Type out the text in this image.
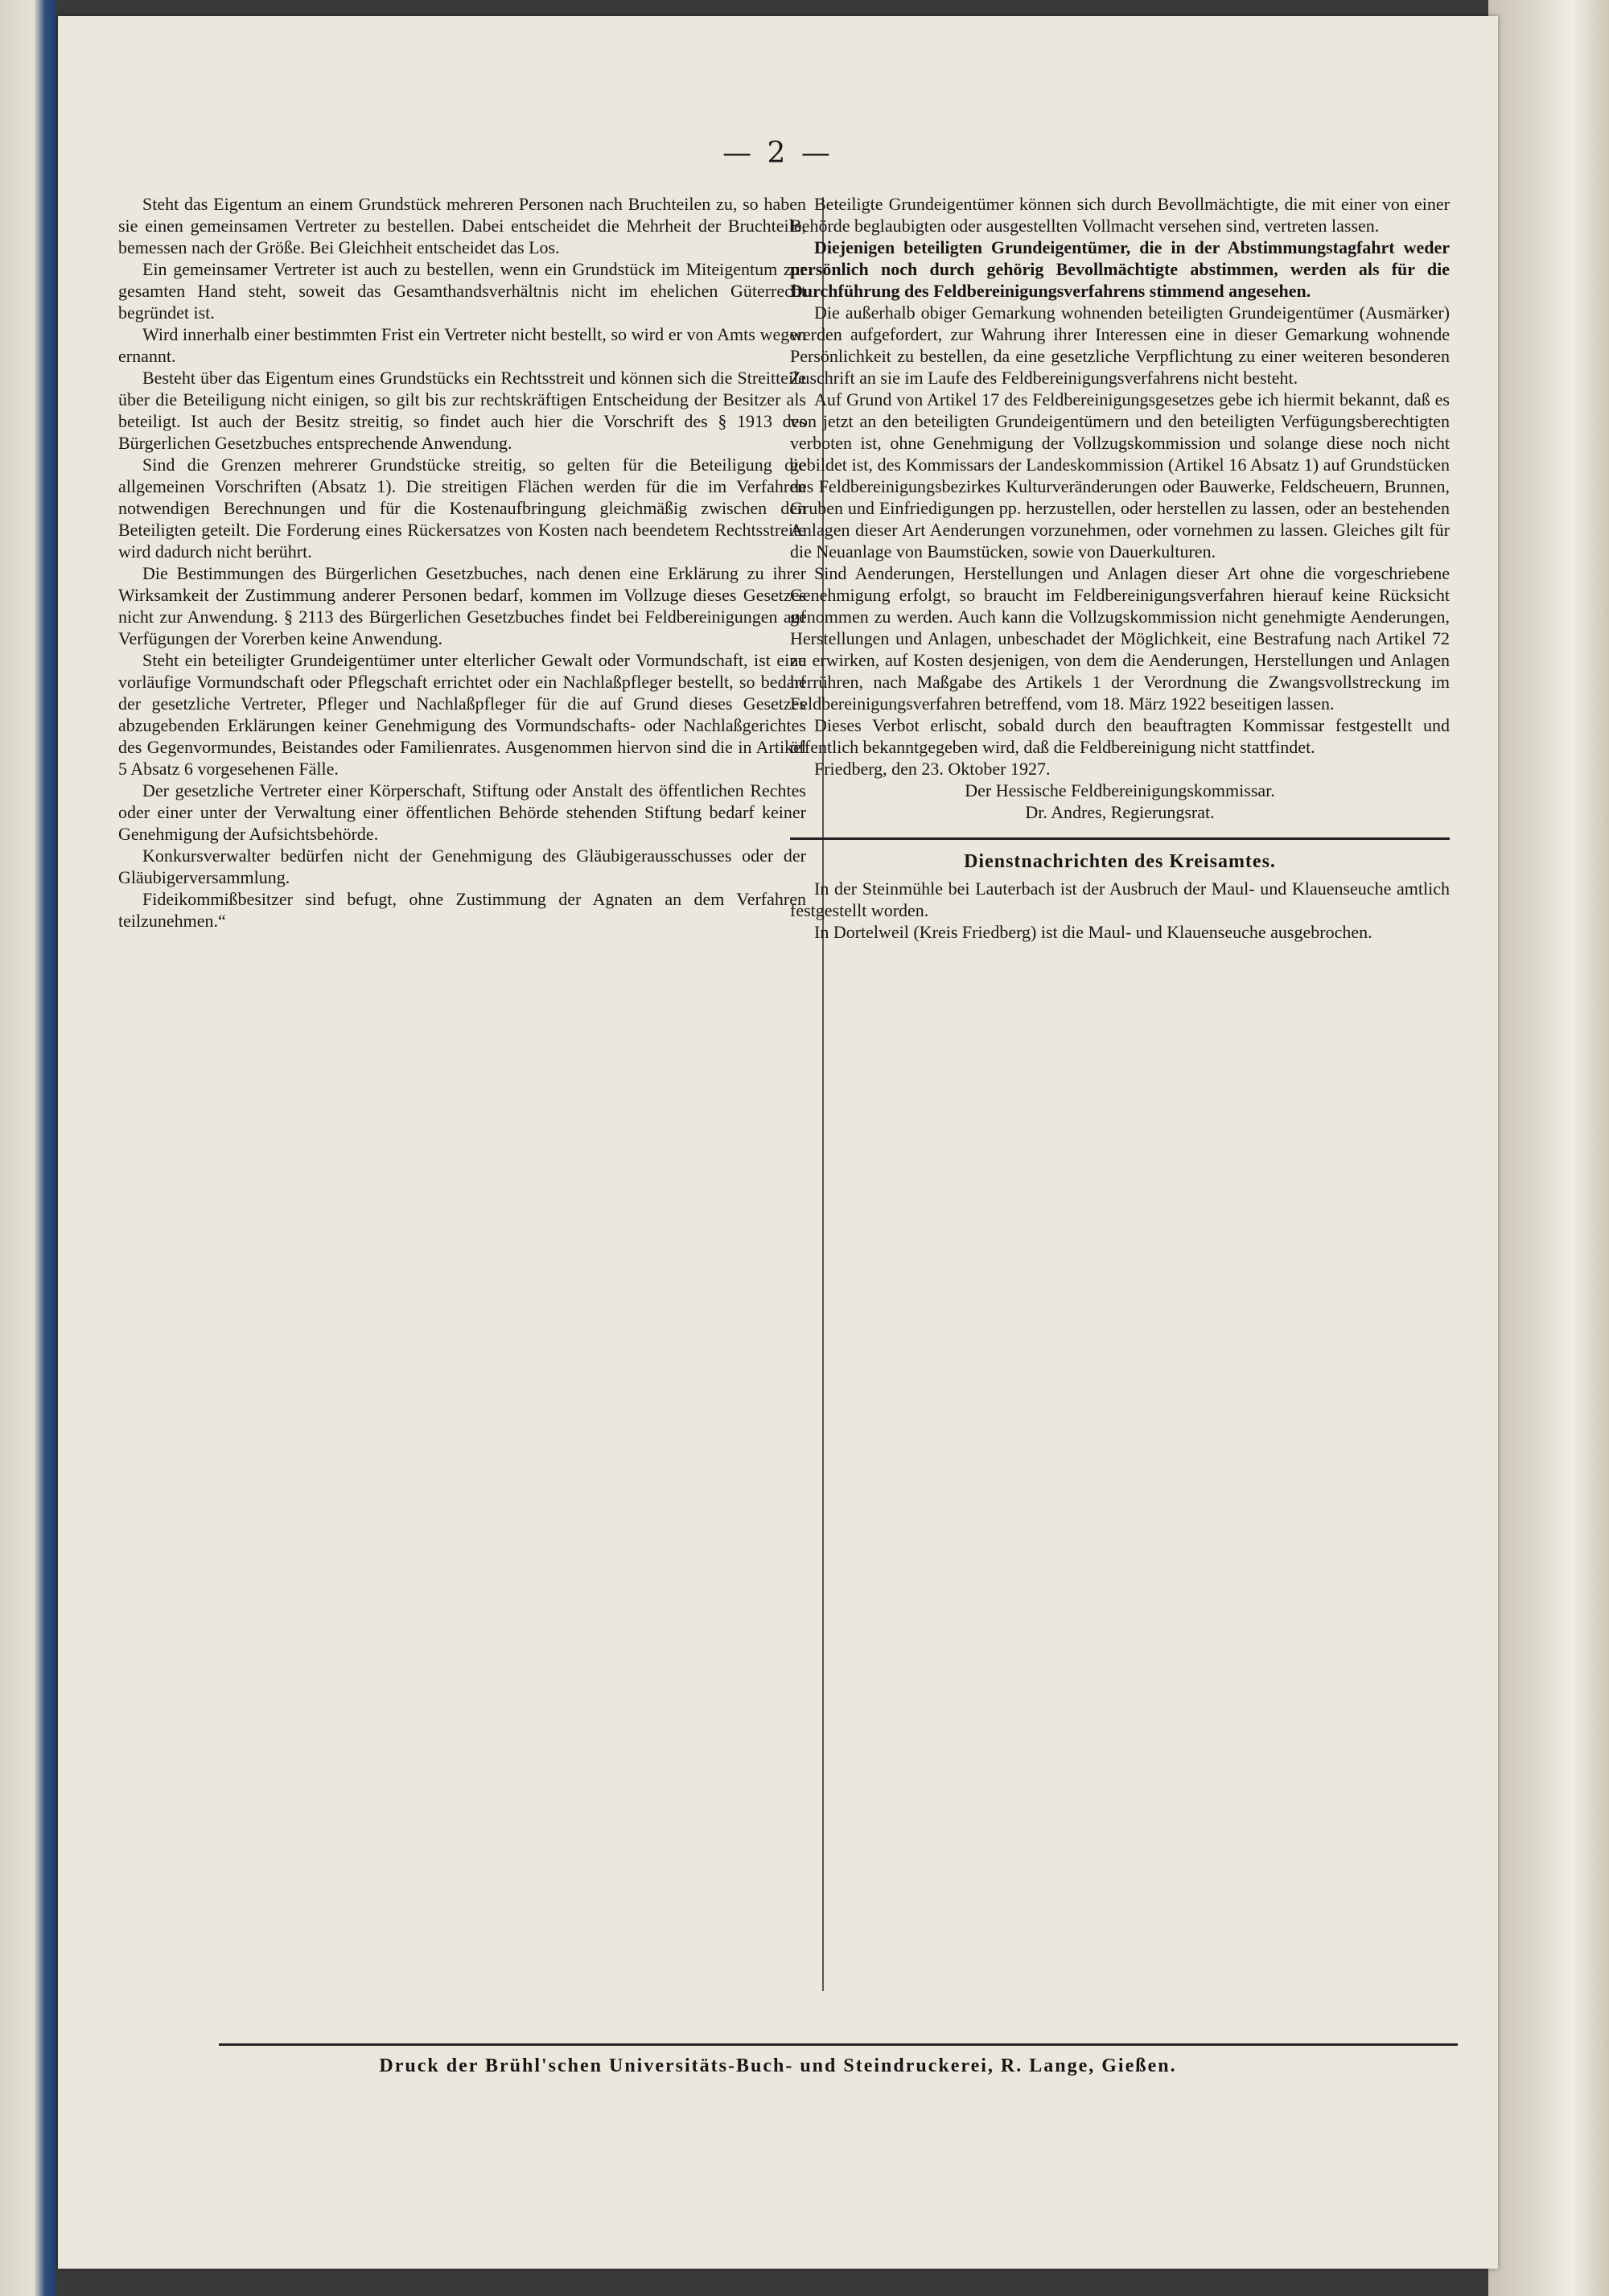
— 2 —

Steht das Eigentum an einem Grundstück mehreren Personen nach Bruchteilen zu, so haben sie einen gemeinsamen Vertreter zu bestellen. Dabei entscheidet die Mehrheit der Bruchteile, bemessen nach der Größe. Bei Gleichheit entscheidet das Los.

Ein gemeinsamer Vertreter ist auch zu bestellen, wenn ein Grundstück im Miteigentum zur gesamten Hand steht, soweit das Gesamthandsverhältnis nicht im ehelichen Güterrecht begründet ist.

Wird innerhalb einer bestimmten Frist ein Vertreter nicht bestellt, so wird er von Amts wegen ernannt.

Besteht über das Eigentum eines Grundstücks ein Rechtsstreit und können sich die Streitteile über die Beteiligung nicht einigen, so gilt bis zur rechtskräftigen Entscheidung der Besitzer als beteiligt. Ist auch der Besitz streitig, so findet auch hier die Vorschrift des § 1913 des Bürgerlichen Gesetzbuches entsprechende Anwendung.

Sind die Grenzen mehrerer Grundstücke streitig, so gelten für die Beteiligung die allgemeinen Vorschriften (Absatz 1). Die streitigen Flächen werden für die im Verfahren notwendigen Berechnungen und für die Kostenaufbringung gleichmäßig zwischen den Beteiligten geteilt. Die Forderung eines Rückersatzes von Kosten nach beendetem Rechtsstreite wird dadurch nicht berührt.

Die Bestimmungen des Bürgerlichen Gesetzbuches, nach denen eine Erklärung zu ihrer Wirksamkeit der Zustimmung anderer Personen bedarf, kommen im Vollzuge dieses Gesetzes nicht zur Anwendung. § 2113 des Bürgerlichen Gesetzbuches findet bei Feldbereinigungen auf Verfügungen der Vorerben keine Anwendung.

Steht ein beteiligter Grundeigentümer unter elterlicher Gewalt oder Vormundschaft, ist eine vorläufige Vormundschaft oder Pflegschaft errichtet oder ein Nachlaßpfleger bestellt, so bedarf der gesetzliche Vertreter, Pfleger und Nachlaßpfleger für die auf Grund dieses Gesetzes abzugebenden Erklärungen keiner Genehmigung des Vormundschafts- oder Nachlaßgerichtes des Gegenvormundes, Beistandes oder Familienrates. Ausgenommen hiervon sind die in Artikel 5 Absatz 6 vorgesehenen Fälle.

Der gesetzliche Vertreter einer Körperschaft, Stiftung oder Anstalt des öffentlichen Rechtes oder einer unter der Verwaltung einer öffentlichen Behörde stehenden Stiftung bedarf keiner Genehmigung der Aufsichtsbehörde.

Konkursverwalter bedürfen nicht der Genehmigung des Gläubigerausschusses oder der Gläubigerversammlung.

Fideikommißbesitzer sind befugt, ohne Zustimmung der Agnaten an dem Verfahren teilzunehmen.“

Beteiligte Grundeigentümer können sich durch Bevollmächtigte, die mit einer von einer Behörde beglaubigten oder ausgestellten Vollmacht versehen sind, vertreten lassen.

Diejenigen beteiligten Grundeigentümer, die in der Abstimmungstagfahrt weder persönlich noch durch gehörig Bevollmächtigte abstimmen, werden als für die Durchführung des Feldbereinigungsverfahrens stimmend angesehen.

Die außerhalb obiger Gemarkung wohnenden beteiligten Grundeigentümer (Ausmärker) werden aufgefordert, zur Wahrung ihrer Interessen eine in dieser Gemarkung wohnende Persönlichkeit zu bestellen, da eine gesetzliche Verpflichtung zu einer weiteren besonderen Zuschrift an sie im Laufe des Feldbereinigungsverfahrens nicht besteht.

Auf Grund von Artikel 17 des Feldbereinigungsgesetzes gebe ich hiermit bekannt, daß es von jetzt an den beteiligten Grundeigentümern und den beteiligten Verfügungsberechtigten verboten ist, ohne Genehmigung der Vollzugskommission und solange diese noch nicht gebildet ist, des Kommissars der Landeskommission (Artikel 16 Absatz 1) auf Grundstücken des Feldbereinigungsbezirkes Kulturveränderungen oder Bauwerke, Feldscheuern, Brunnen, Gruben und Einfriedigungen pp. herzustellen, oder herstellen zu lassen, oder an bestehenden Anlagen dieser Art Aenderungen vorzunehmen, oder vornehmen zu lassen. Gleiches gilt für die Neuanlage von Baumstücken, sowie von Dauerkulturen.

Sind Aenderungen, Herstellungen und Anlagen dieser Art ohne die vorgeschriebene Genehmigung erfolgt, so braucht im Feldbereinigungsverfahren hierauf keine Rücksicht genommen zu werden. Auch kann die Vollzugskommission nicht genehmigte Aenderungen, Herstellungen und Anlagen, unbeschadet der Möglichkeit, eine Bestrafung nach Artikel 72 zu erwirken, auf Kosten desjenigen, von dem die Aenderungen, Herstellungen und Anlagen herrühren, nach Maßgabe des Artikels 1 der Verordnung die Zwangsvollstreckung im Feldbereinigungsverfahren betreffend, vom 18. März 1922 beseitigen lassen.

Dieses Verbot erlischt, sobald durch den beauftragten Kommissar festgestellt und öffentlich bekanntgegeben wird, daß die Feldbereinigung nicht stattfindet.

Friedberg, den 23. Oktober 1927.

Der Hessische Feldbereinigungskommissar.

Dr. Andres, Regierungsrat.

Dienstnachrichten des Kreisamtes.

In der Steinmühle bei Lauterbach ist der Ausbruch der Maul- und Klauenseuche amtlich festgestellt worden.

In Dortelweil (Kreis Friedberg) ist die Maul- und Klauenseuche ausgebrochen.

Druck der Brühl'schen Universitäts-Buch- und Steindruckerei, R. Lange, Gießen.
